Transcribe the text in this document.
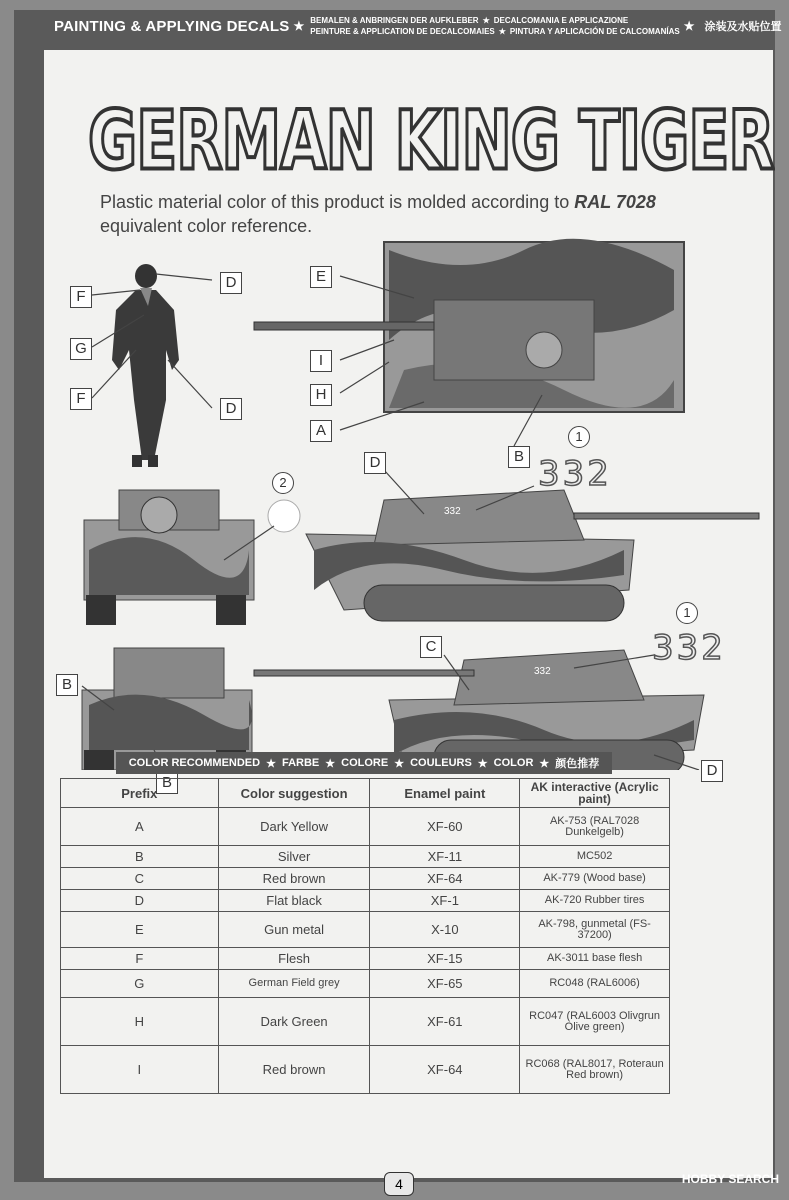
PAINTING & APPLYING DECALS ★ BEMALEN & ANBRINGEN DER AUFKLEBER ★ DECALCOMANIA E APPLICAZIONE
PEINTURE & APPLICATION DE DECALCOMAIES ★ PINTURA Y APLICACIÓN DE CALCOMANÍAS ★ 涂装及水贴位置
GERMAN KING TIGER
Plastic material color of this product is molded according to RAL 7028
equivalent color reference.
332
332
F
D
G
F
D
E
I
H
A
B
D
B
B
C
D
1
332
2
1
332
COLOR RECOMMENDED ★ FARBE ★ COLORE ★ COULEURS ★ COLOR ★ 颜色推荐
Prefix	Color suggestion	Enamel paint	AK interactive (Acrylic paint)
A	Dark Yellow	XF-60	AK-753 (RAL7028 Dunkelgelb)
B	Silver	XF-11	MC502
C	Red brown	XF-64	AK-779 (Wood base)
D	Flat black	XF-1	AK-720 Rubber tires
E	Gun metal	X-10	AK-798, gunmetal (FS-37200)
F	Flesh	XF-15	AK-3011 base flesh
G	German Field grey	XF-65	RC048 (RAL6006)
H	Dark Green	XF-61	RC047 (RAL6003 Olivgrun Olive green)
I	Red brown	XF-64	RC068 (RAL8017, Roteraun Red brown)
4	HOBBY SEARCH
